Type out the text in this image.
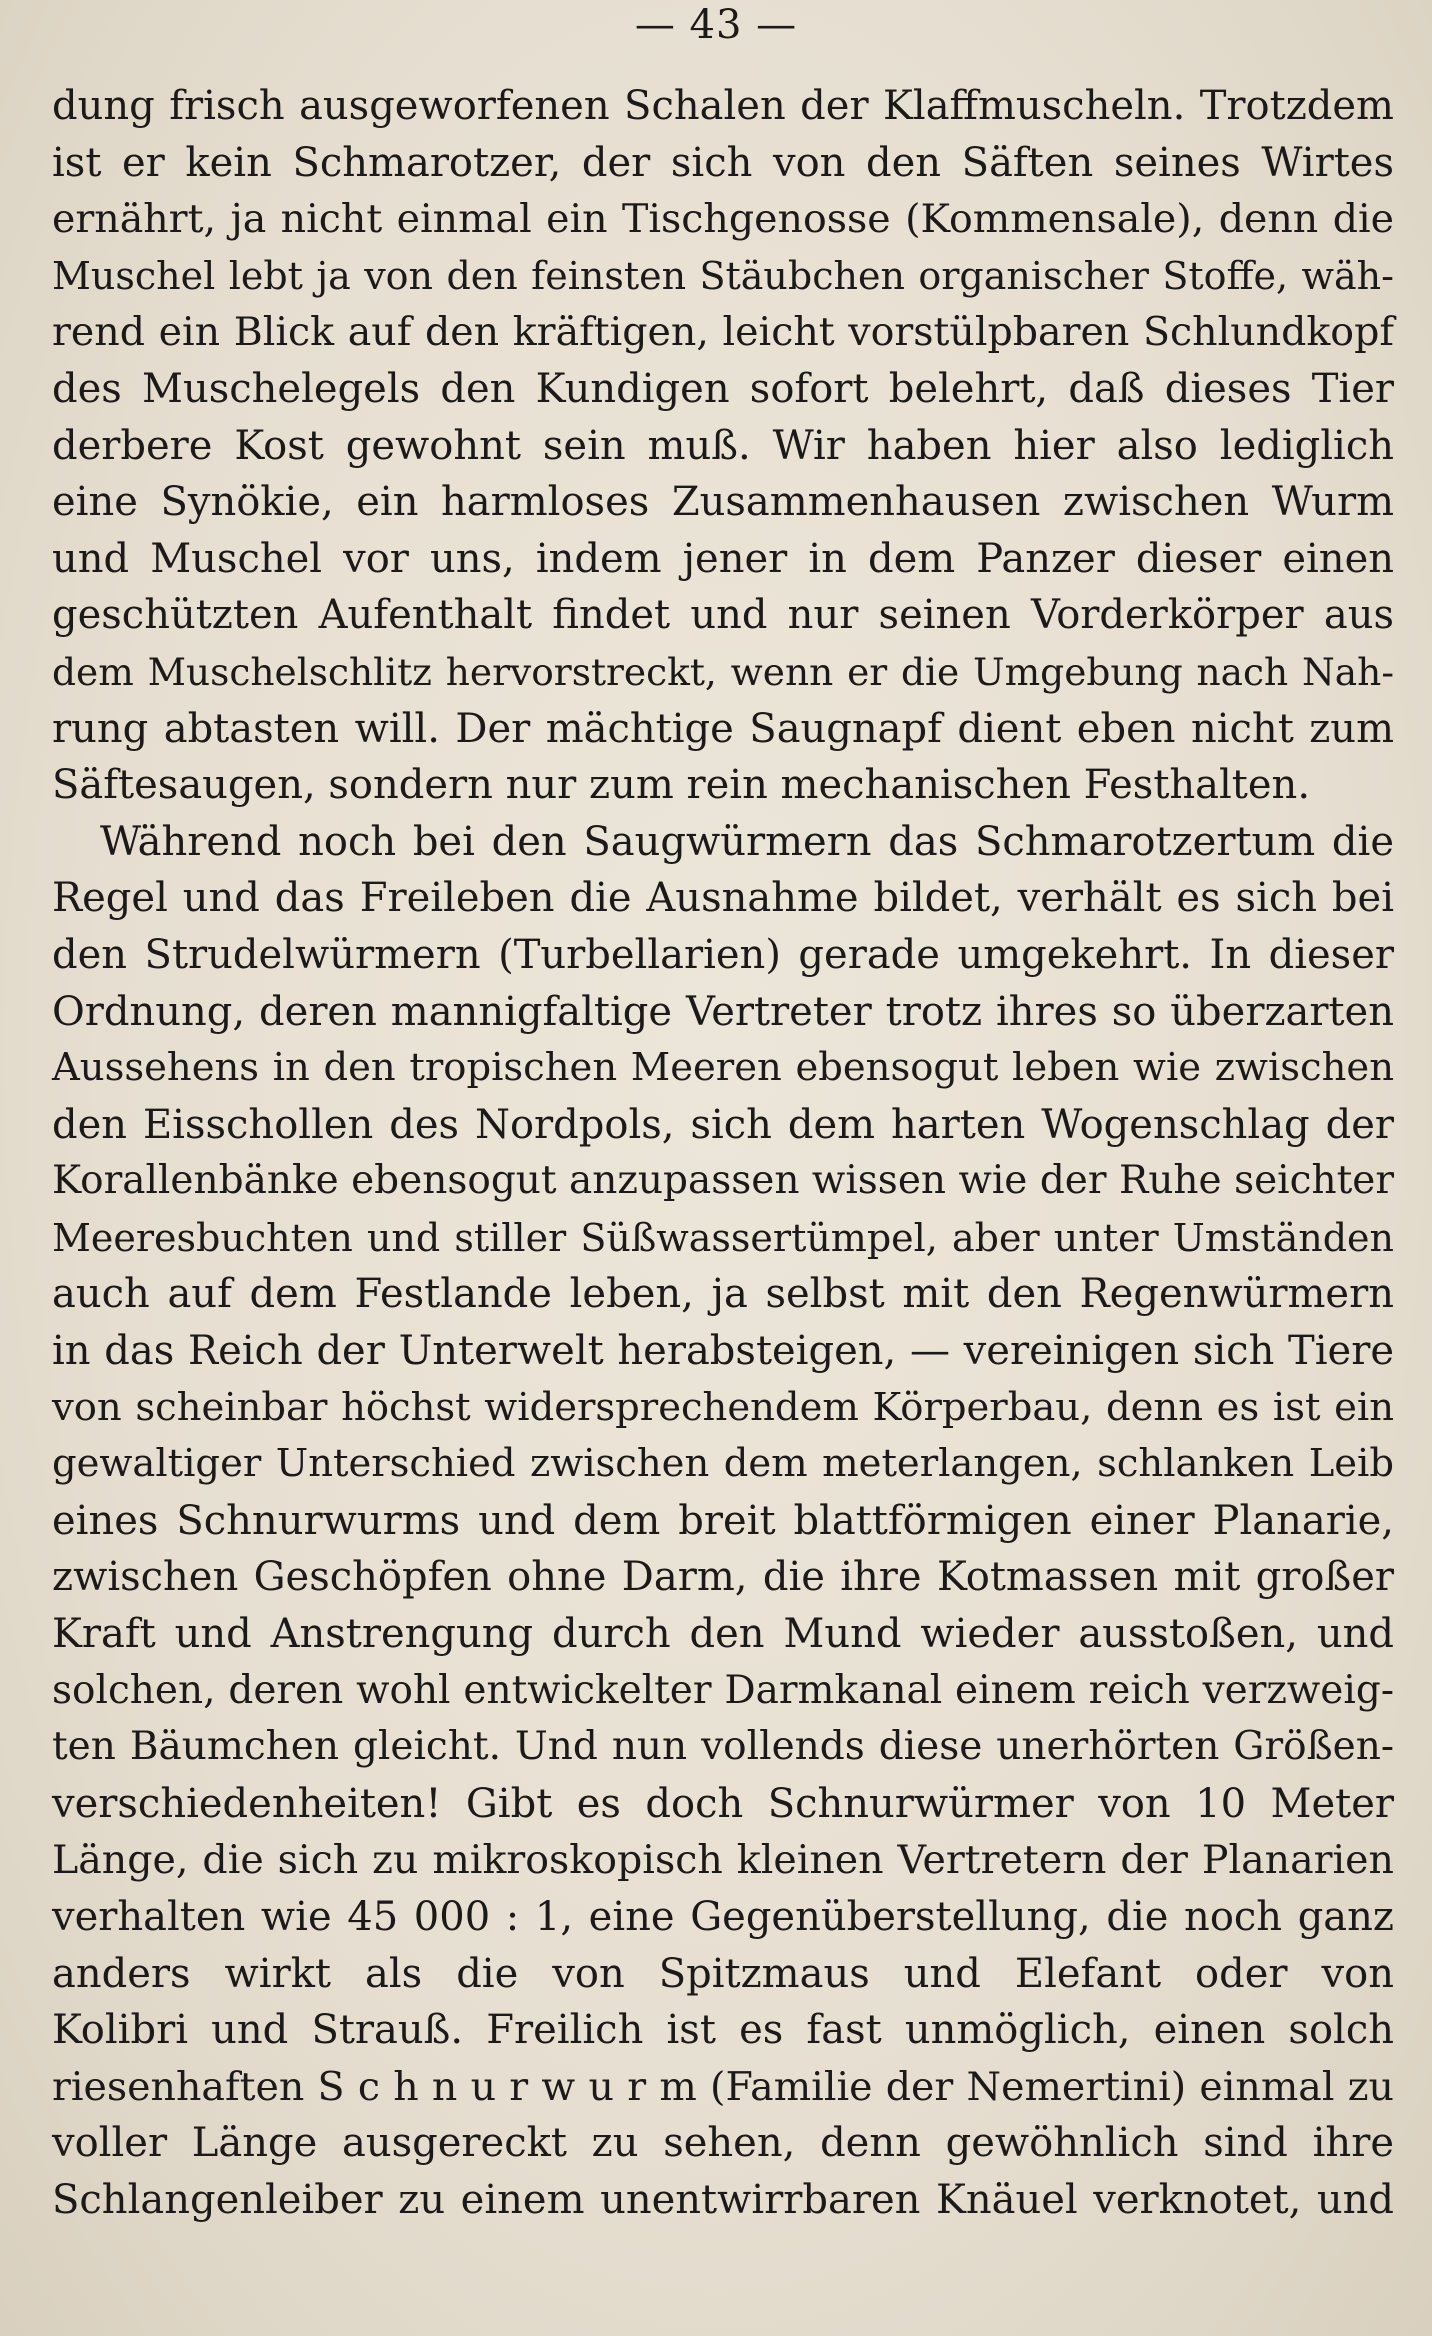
— 43 —
dung frisch ausgeworfenen Schalen der Klaffmuscheln. Trotzdem
ist er kein Schmarotzer, der sich von den Säften seines Wirtes
ernährt, ja nicht einmal ein Tischgenosse (Kommensale), denn die
Muschel lebt ja von den feinsten Stäubchen organischer Stoffe, wäh-
rend ein Blick auf den kräftigen, leicht vorstülpbaren Schlundkopf
des Muschelegels den Kundigen sofort belehrt, daß dieses Tier
derbere Kost gewohnt sein muß. Wir haben hier also lediglich
eine Synökie, ein harmloses Zusammenhausen zwischen Wurm
und Muschel vor uns, indem jener in dem Panzer dieser einen
geschützten Aufenthalt findet und nur seinen Vorderkörper aus
dem Muschelschlitz hervorstreckt, wenn er die Umgebung nach Nah-
rung abtasten will. Der mächtige Saugnapf dient eben nicht zum
Säftesaugen, sondern nur zum rein mechanischen Festhalten.
Während noch bei den Saugwürmern das Schmarotzertum die
Regel und das Freileben die Ausnahme bildet, verhält es sich bei
den Strudelwürmern (Turbellarien) gerade umgekehrt. In dieser
Ordnung, deren mannigfaltige Vertreter trotz ihres so überzarten
Aussehens in den tropischen Meeren ebensogut leben wie zwischen
den Eisschollen des Nordpols, sich dem harten Wogenschlag der
Korallenbänke ebensogut anzupassen wissen wie der Ruhe seichter
Meeresbuchten und stiller Süßwassertümpel, aber unter Umständen
auch auf dem Festlande leben, ja selbst mit den Regenwürmern
in das Reich der Unterwelt herabsteigen, — vereinigen sich Tiere
von scheinbar höchst widersprechendem Körperbau, denn es ist ein
gewaltiger Unterschied zwischen dem meterlangen, schlanken Leib
eines Schnurwurms und dem breit blattförmigen einer Planarie,
zwischen Geschöpfen ohne Darm, die ihre Kotmassen mit großer
Kraft und Anstrengung durch den Mund wieder ausstoßen, und
solchen, deren wohl entwickelter Darmkanal einem reich verzweig-
ten Bäumchen gleicht. Und nun vollends diese unerhörten Größen-
verschiedenheiten! Gibt es doch Schnurwürmer von 10 Meter
Länge, die sich zu mikroskopisch kleinen Vertretern der Planarien
verhalten wie 45 000 : 1, eine Gegenüberstellung, die noch ganz
anders wirkt als die von Spitzmaus und Elefant oder von
Kolibri und Strauß. Freilich ist es fast unmöglich, einen solch
riesenhaften S c h n u r w u r m (Familie der Nemertini) einmal zu
voller Länge ausgereckt zu sehen, denn gewöhnlich sind ihre
Schlangenleiber zu einem unentwirrbaren Knäuel verknotet, und
